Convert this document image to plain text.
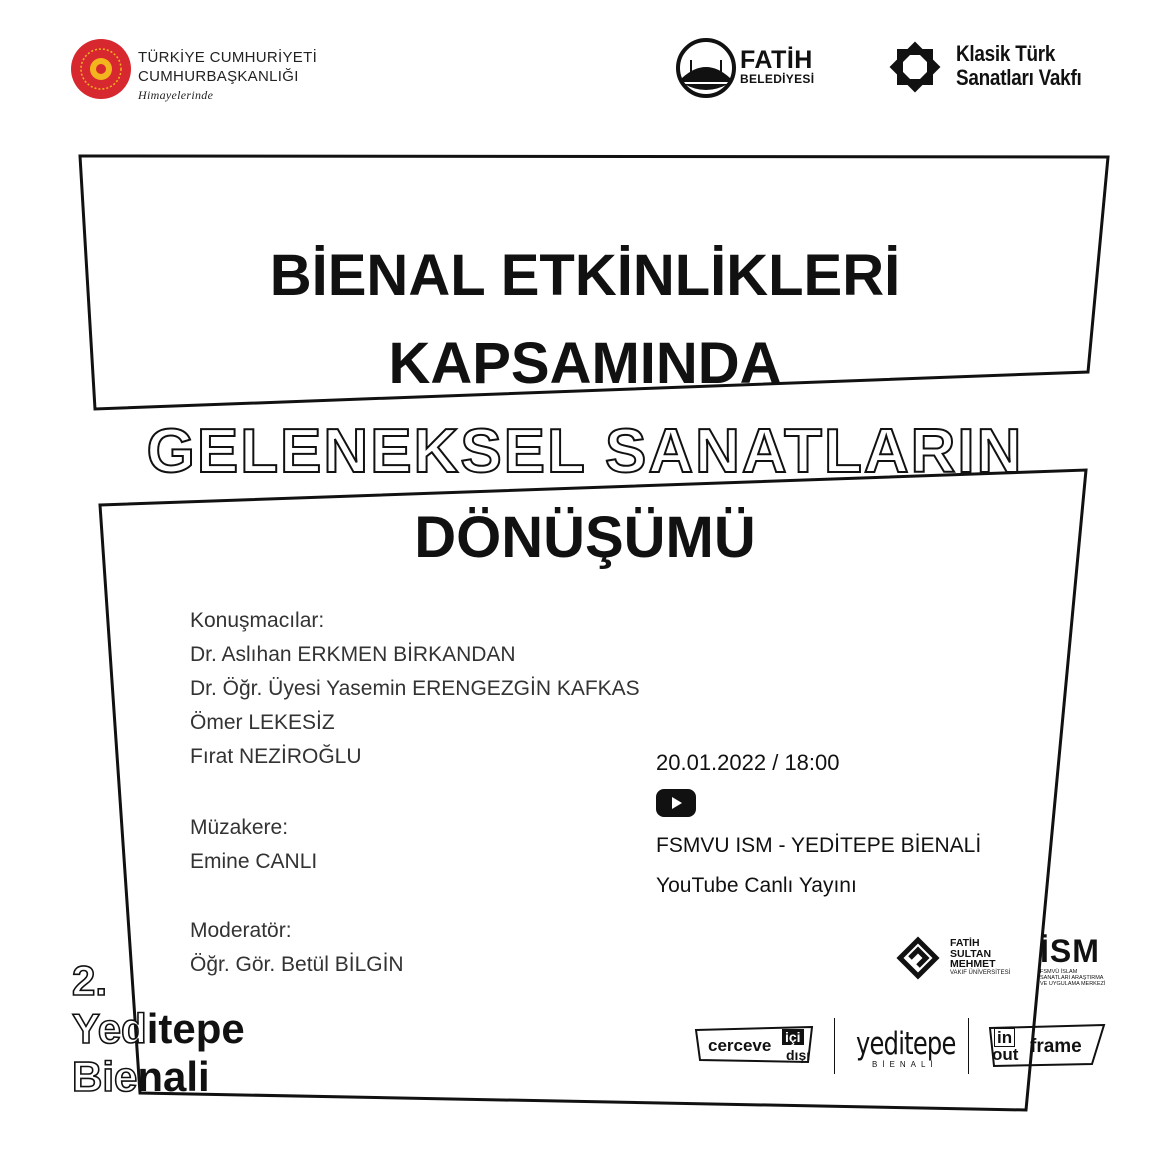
TÜRKİYE CUMHURİYETİ
CUMHURBAŞKANLIĞI
Himayelerinde
FATİH
BELEDİYESİ
Klasik Türk
Sanatları Vakfı
BİENAL ETKİNLİKLERİ
KAPSAMINDA
GELENEKSEL SANATLARIN
DÖNÜŞÜMÜ
Konuşmacılar:
Dr. Aslıhan ERKMEN BİRKANDAN
Dr. Öğr. Üyesi Yasemin ERENGEZGİN KAFKAS
Ömer LEKESİZ
Fırat NEZİROĞLU
Müzakere:
Emine CANLI
Moderatör:
Öğr. Gör. Betül BİLGİN
20.01.2022 / 18:00
FSMVU ISM - YEDİTEPE BİENALİ
YouTube Canlı Yayını
2.
Yeditepe
Bienali
FATİH
SULTAN
MEHMET
VAKIF ÜNİVERSİTESİ
İSM
FSMVÜ İSLAM SANATLARI ARAŞTIRMA VE UYGULAMA MERKEZİ
cerceve içi
dışı yeditepe
BİENALİ
in
out frame
